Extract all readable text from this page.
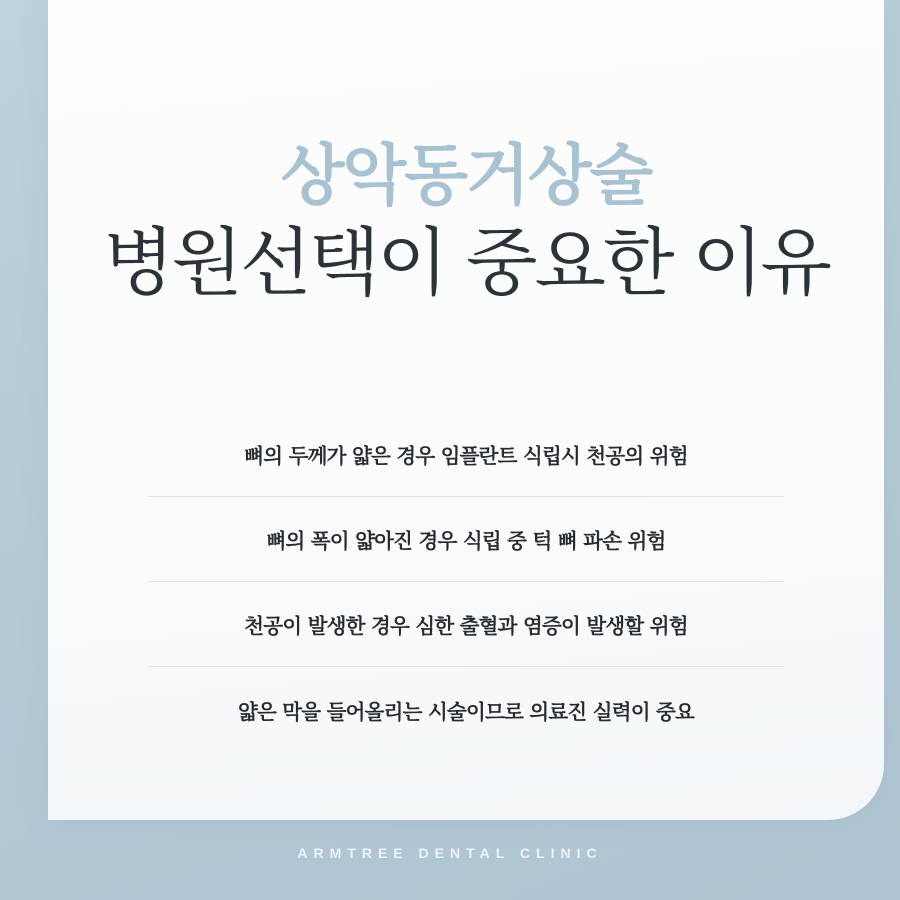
상악동거상술
병원선택이 중요한 이유
뼈의 두께가 얇은 경우 임플란트 식립시 천공의 위험
뼈의 폭이 얇아진 경우 식립 중 턱 뼈 파손 위험
천공이 발생한 경우 심한 출혈과 염증이 발생할 위험
얇은 막을 들어올리는 시술이므로 의료진 실력이 중요
ARMTREE DENTAL CLINIC
